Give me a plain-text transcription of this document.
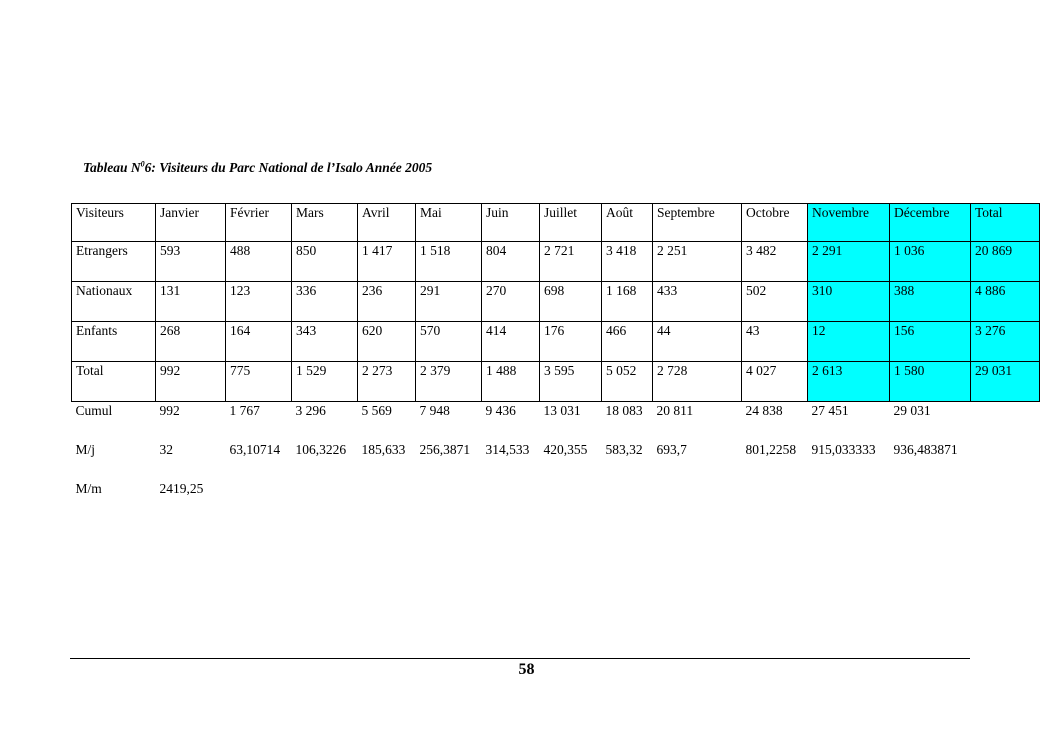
Tableau $N^06$: Visiteurs du Parc National de l’Isalo Année 2005
Visiteurs	Janvier	Février	Mars	Avril	Mai	Juin	Juillet	Août	Septembre	Octobre	Novembre	Décembre	Total
Etrangers	593	488	850	1 417	1 518	804	2 721	3 418	2 251	3 482	2 291	1 036	20 869
Nationaux	131	123	336	236	291	270	698	1 168	433	502	310	388	4 886
Enfants	268	164	343	620	570	414	176	466	44	43	12	156	3 276
Total	992	775	1 529	2 273	2 379	1 488	3 595	5 052	2 728	4 027	2 613	1 580	29 031
Cumul	992	1 767	3 296	5 569	7 948	9 436	13 031	18 083	20 811	24 838	27 451	29 031	
M/j	32	63,10714	106,3226	185,633	256,3871	314,533	420,355	583,32	693,7	801,2258	915,033333	936,483871	
M/m	2419,25												
58
